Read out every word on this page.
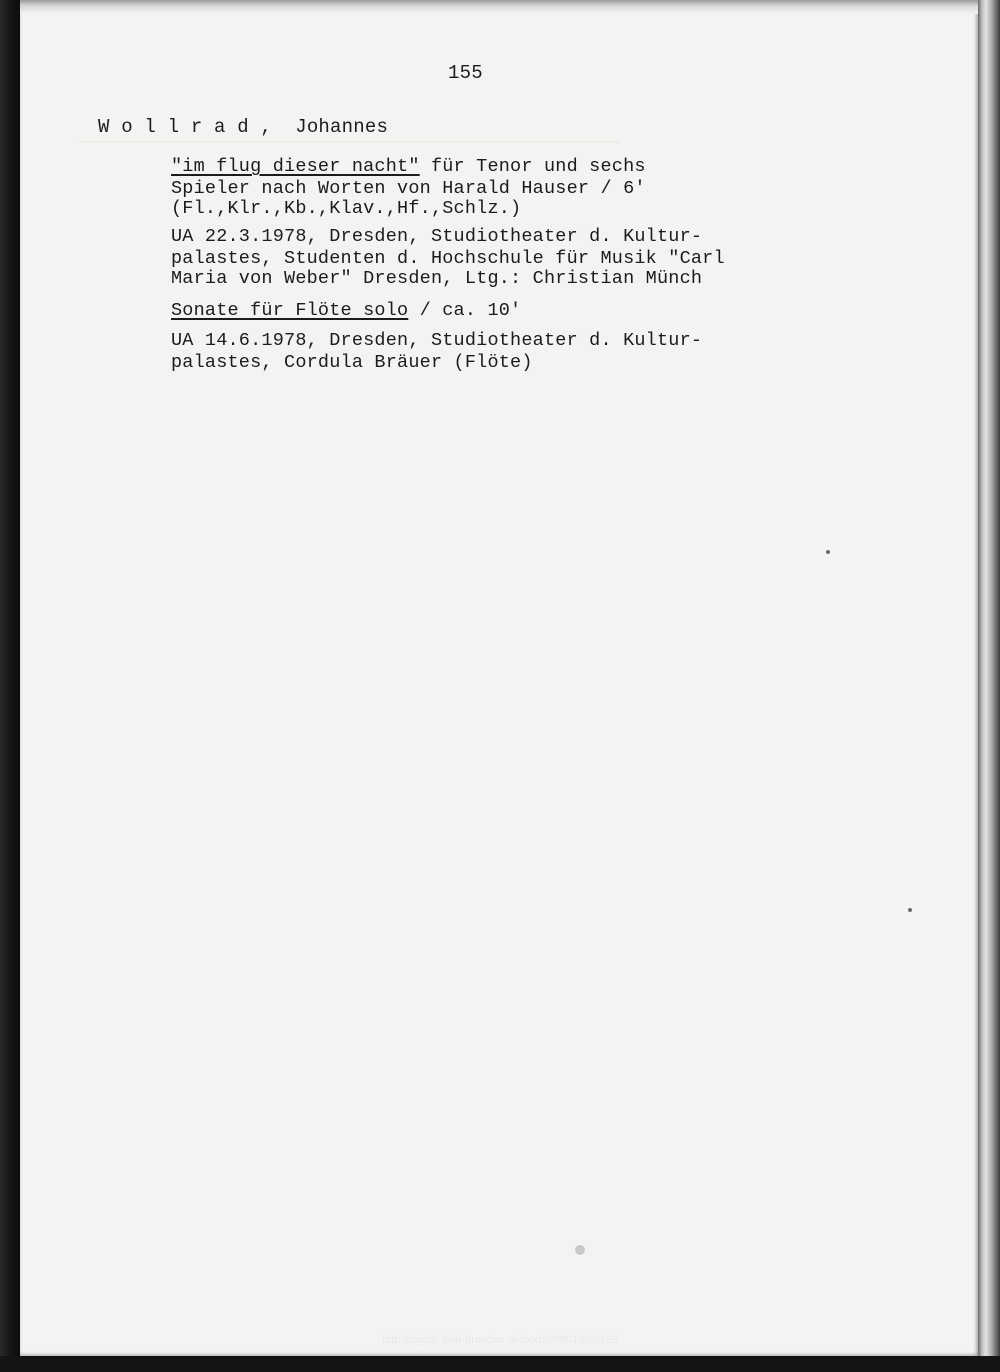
────────────────────────────────────────────────────────────────

155
W o l l r a d ,  Johannes
"im flug dieser nacht" für Tenor und sechs
Spieler nach Worten von Harald Hauser / 6'
(Fl.,Klr.,Kb.,Klav.,Hf.,Schlz.)
UA 22.3.1978, Dresden, Studiotheater d. Kultur-
palastes, Studenten d. Hochschule für Musik "Carl
Maria von Weber" Dresden, Ltg.: Christian Münch
Sonate für Flöte solo / ca. 10'
UA 14.6.1978, Dresden, Studiotheater d. Kultur-
palastes, Cordula Bräuer (Flöte)
http://digital.slub-dresden.de/ppn308801852/163
